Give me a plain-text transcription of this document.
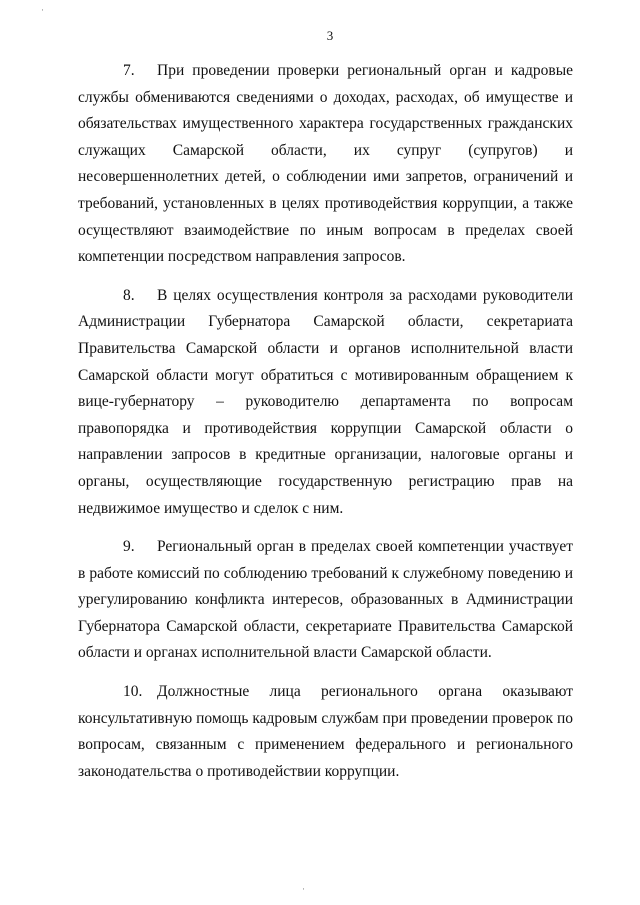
·
·
3

7. При проведении проверки региональный орган и кадровые службы обмениваются сведениями о доходах, расходах, об имуществе и обязательствах имущественного характера государственных гражданских служащих Самарской области, их супруг (супругов) и несовершеннолетних детей, о соблюдении ими запретов, ограничений и требований, установленных в целях противодействия коррупции, а также осуществляют взаимодействие по иным вопросам в пределах своей компетенции посредством направления запросов.

8. В целях осуществления контроля за расходами руководители Администрации Губернатора Самарской области, секретариата Правительства Самарской области и органов исполнительной власти Самарской области могут обратиться с мотивированным обращением к вице-губернатору – руководителю департамента по вопросам правопорядка и противодействия коррупции Самарской области о направлении запросов в кредитные организации, налоговые органы и органы, осуществляющие государственную регистрацию прав на недвижимое имущество и сделок с ним.

9. Региональный орган в пределах своей компетенции участвует в работе комиссий по соблюдению требований к служебному поведению и урегулированию конфликта интересов, образованных в Администрации Губернатора Самарской области, секретариате Правительства Самарской области и органах исполнительной власти Самарской области.

10. Должностные лица регионального органа оказывают консультативную помощь кадровым службам при проведении проверок по вопросам, связанным с применением федерального и регионального законодательства о противодействии коррупции.
